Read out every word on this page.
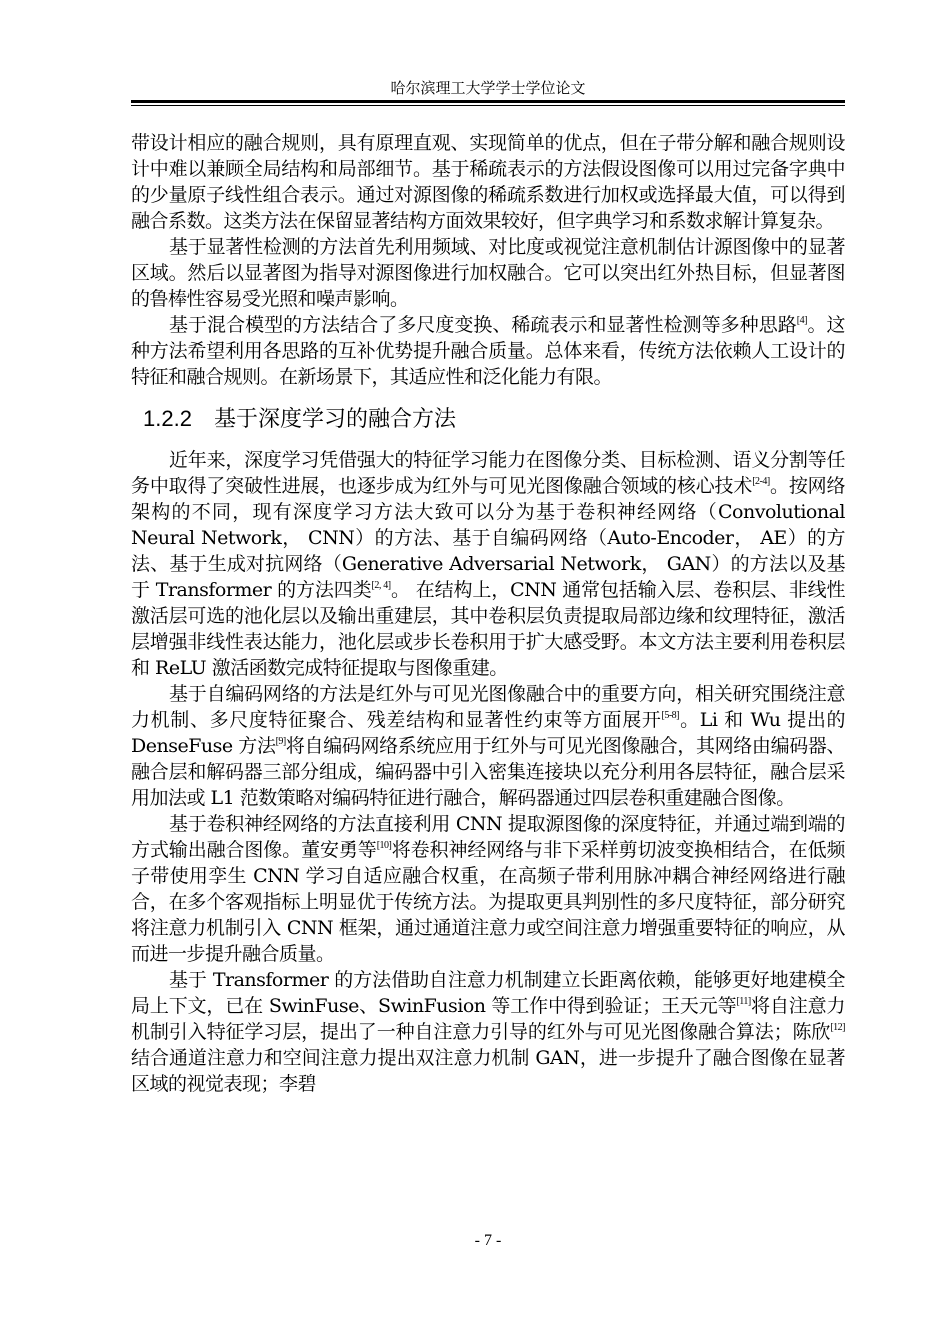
哈尔滨理工大学学士学位论文

带设计相应的融合规则，具有原理直观、实现简单的优点，但在子带分解和融合规则设计中难以兼顾全局结构和局部细节。基于稀疏表示的方法假设图像可以用过完备字典中的少量原子线性组合表示。通过对源图像的稀疏系数进行加权或选择最大值，可以得到融合系数。这类方法在保留显著结构方面效果较好，但字典学习和系数求解计算复杂。

基于显著性检测的方法首先利用频域、对比度或视觉注意机制估计源图像中的显著区域。然后以显著图为指导对源图像进行加权融合。它可以突出红外热目标，但显著图的鲁棒性容易受光照和噪声影响。

基于混合模型的方法结合了多尺度变换、稀疏表示和显著性检测等多种思路[4]。这种方法希望利用各思路的互补优势提升融合质量。总体来看，传统方法依赖人工设计的特征和融合规则。在新场景下，其适应性和泛化能力有限。

1.2.2 基于深度学习的融合方法

近年来，深度学习凭借强大的特征学习能力在图像分类、目标检测、语义分割等任务中取得了突破性进展，也逐步成为红外与可见光图像融合领域的核心技术[2-4]。按网络架构的不同，现有深度学习方法大致可以分为基于卷积神经网络（Convolutional Neural Network， CNN）的方法、基于自编码网络（Auto-Encoder， AE）的方法、基于生成对抗网络（Generative Adversarial Network， GAN）的方法以及基于 Transformer 的方法四类[2, 4]。 在结构上，CNN 通常包括输入层、卷积层、非线性激活层可选的池化层以及输出重建层，其中卷积层负责提取局部边缘和纹理特征，激活层增强非线性表达能力，池化层或步长卷积用于扩大感受野。本文方法主要利用卷积层和 ReLU 激活函数完成特征提取与图像重建。

基于自编码网络的方法是红外与可见光图像融合中的重要方向，相关研究围绕注意力机制、多尺度特征聚合、残差结构和显著性约束等方面展开[5-8]。Li 和 Wu 提出的 DenseFuse 方法[9]将自编码网络系统应用于红外与可见光图像融合，其网络由编码器、融合层和解码器三部分组成，编码器中引入密集连接块以充分利用各层特征，融合层采用加法或 L1 范数策略对编码特征进行融合，解码器通过四层卷积重建融合图像。

基于卷积神经网络的方法直接利用 CNN 提取源图像的深度特征，并通过端到端的方式输出融合图像。董安勇等[10]将卷积神经网络与非下采样剪切波变换相结合，在低频子带使用孪生 CNN 学习自适应融合权重，在高频子带利用脉冲耦合神经网络进行融合，在多个客观指标上明显优于传统方法。为提取更具判别性的多尺度特征，部分研究将注意力机制引入 CNN 框架，通过通道注意力或空间注意力增强重要特征的响应，从而进一步提升融合质量。

基于 Transformer 的方法借助自注意力机制建立长距离依赖，能够更好地建模全局上下文，已在 SwinFuse、SwinFusion 等工作中得到验证；王天元等[11]将自注意力机制引入特征学习层，提出了一种自注意力引导的红外与可见光图像融合算法；陈欣[12]结合通道注意力和空间注意力提出双注意力机制 GAN，进一步提升了融合图像在显著区域的视觉表现；李碧

- 7 -
